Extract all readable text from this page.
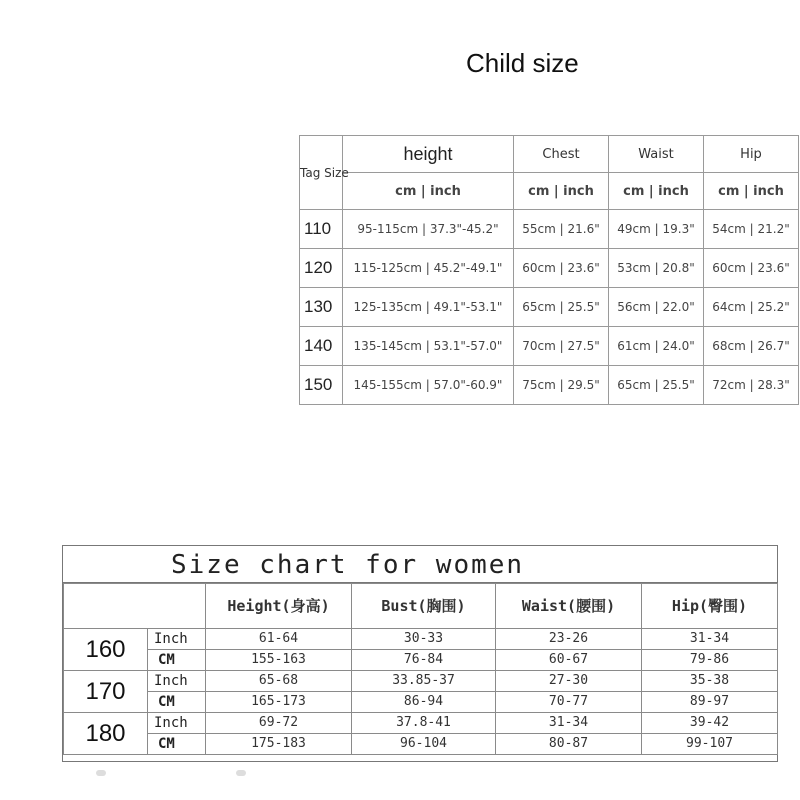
Child size
Tag Size	height	Chest	Waist	Hip
	cm | inch	cm | inch	cm | inch	cm | inch
110	95-115cm | 37.3"-45.2"	55cm | 21.6"	49cm | 19.3"	54cm | 21.2"
120	115-125cm | 45.2"-49.1"	60cm | 23.6"	53cm | 20.8"	60cm | 23.6"
130	125-135cm | 49.1"-53.1"	65cm | 25.5"	56cm | 22.0"	64cm | 25.2"
140	135-145cm | 53.1"-57.0"	70cm | 27.5"	61cm | 24.0"	68cm | 26.7"
150	145-155cm | 57.0"-60.9"	75cm | 29.5"	65cm | 25.5"	72cm | 28.3"
Size chart for women
		Height(身高)	Bust(胸围)	Waist(腰围)	Hip(臀围)
160	Inch	61-64	30-33	23-26	31-34
	CM	155-163	76-84	60-67	79-86
170	Inch	65-68	33.85-37	27-30	35-38
	CM	165-173	86-94	70-77	89-97
180	Inch	69-72	37.8-41	31-34	39-42
	CM	175-183	96-104	80-87	99-107
